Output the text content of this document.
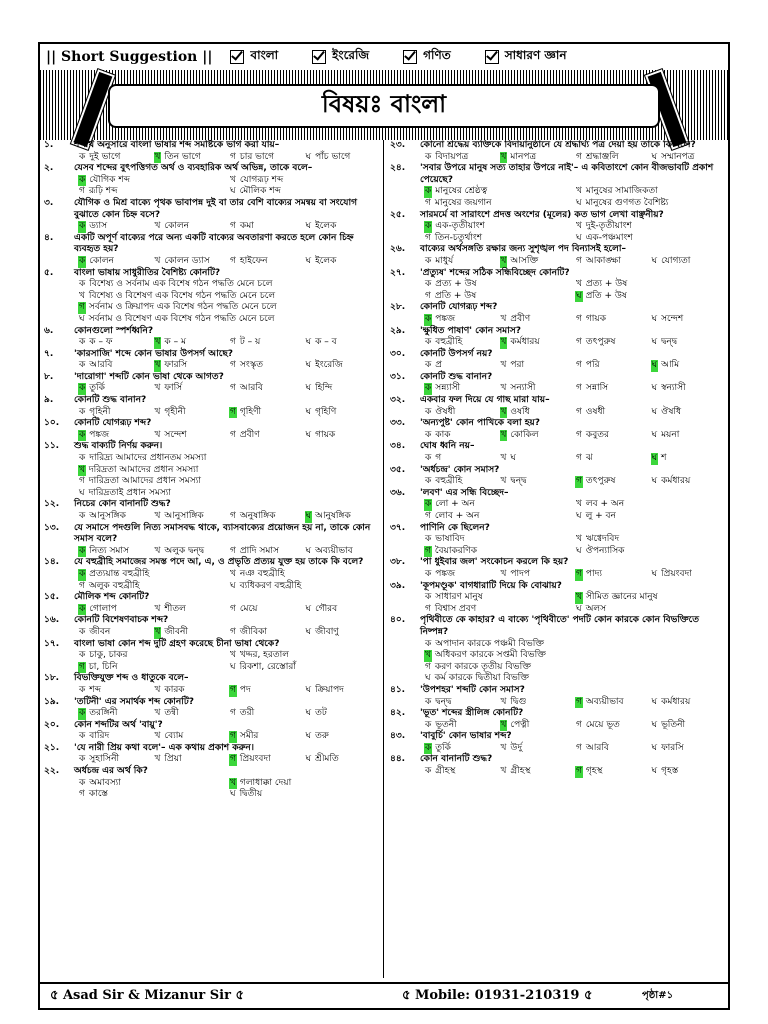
|| Short Suggestion ||	বাংলা	ইংরেজি	গণিত	সাধারণ জ্ঞান
বিষয়ঃ বাংলা
১.	শব্দার্থ অনুসারে বাংলা ভাষার শব্দ সমষ্টিকে ভাগ করা যায়–
ক দুই ভাগে	খ তিন ভাগে	গ চার ভাগে	ঘ পাঁচ ভাগে
২.	যেসব শব্দের বুৎপত্তিগত অর্থ ও ব্যবহারিক অর্থ অভিন্ন, তাকে বলে–
ক যৌগিক শব্দ	খ যোগরূঢ় শব্দ
গ রূঢ়ি শব্দ	ঘ মৌলিক শব্দ
৩.	যৌগিক ও মিশ্র বাক্যে পৃথক ভাবাপন্ন দুই বা তার বেশি বাক্যের সমন্বয় বা সংযোগ বুঝাতে কোন চিহ্ন বসে?
ক ড্যাস	খ কোলন	গ কমা	ঘ ইলেক
৪.	একটি অপূর্ণ বাক্যের পরে অন্য একটি বাক্যের অবতারণা করতে হলে কোন চিহ্ন ব্যবহৃত হয়?
ক কোলন	খ কোলন ড্যাস	গ হাইফেন	ঘ ইলেক
৫.	বাংলা ভাষায় সাধুরীতির বৈশিষ্ট্য কোনটি?
ক বিশেষ্য ও সর্বনাম এক বিশেষ গঠন পদ্ধতি মেনে চলে
খ বিশেষ্য ও বিশেষণ এক বিশেষ গঠন পদ্ধতি মেনে চলে
গ সর্বনাম ও ক্রিয়াপদ এক বিশেষ গঠন পদ্ধতি মেনে চলে
ঘ সর্বনাম ও বিশেষণ এক বিশেষ গঠন পদ্ধতি মেনে চলে
৬.	কোনগুলো স্পর্শধ্বনি?
ক ক – ফ	খ ক – ম	গ ট – য়	ঘ ক – ব
৭.	'কারসাজি' শব্দে কোন ভাষার উপসর্গ আছে?
ক আরবি	খ ফারসি	গ সংস্কৃত	ঘ ইংরেজি
৮.	'দারোগা' শব্দটি কোন ভাষা থেকে আগত?
ক তুর্কি	খ ফার্সি	গ আরবি	ঘ হিন্দি
৯.	কোনটি শুদ্ধ বানান?
ক গৃহিনী	খ গৃহীনী	গ গৃহিণী	ঘ গৃহিণি
১০.	কোনটি যোগরূঢ় শব্দ?
ক পঙ্কজ	খ সন্দেশ	গ প্রবীণ	ঘ গায়ক
১১.	শুদ্ধ বাক্যটি নির্ণয় করুন।
ক দারিদ্র্য আমাদের প্রধানতম সমস্যা
খ দরিদ্রতা আমাদের প্রধান সমস্যা
গ দারিদ্রতা আমাদের প্রধান সমস্যা
ঘ দারিদ্রতাই প্রধান সমস্যা
১২.	নিচের কোন বানানটি শুদ্ধ?
ক আনুসঙ্গিক	খ আনুসাঙ্গিক	গ অনুষাঙ্গিক	ঘ আনুষঙ্গিক
১৩.	যে সমাসে পদগুলি নিত্য সমাসবদ্ধ থাকে, ব্যাসবাক্যের প্রয়োজন হয় না, তাকে কোন সমাস বলে?
ক নিত্য সমাস	খ অলুক দ্বন্দ্ব	গ প্রাদি সমাস	ঘ অব্যয়ীভাব
১৪.	যে বহুব্রীহি সমাজের সমস্ত পদে আ, এ, ও প্রভৃতি প্রত্যয় যুক্ত হয় তাকে কি বলে?
ক প্রত্যয়ান্ত বহুব্রীহি	খ নঞ বহুব্রীহি
গ অলুক বহুব্রীহি	ঘ ব্যধিকরণ বহুব্রীহি
১৫.	মৌলিক শব্দ কোনটি?
ক গোলাপ	খ শীতল	গ মেয়ে	ঘ গৌরব
১৬.	কোনটি বিশেষণবাচক শব্দ?
ক জীবন	খ জীবনী	গ জীবিকা	ঘ জীবাণু
১৭.	বাংলা ভাষা কোন শব্দ দুটি গ্রহণ করেছে চীনা ভাষা থেকে?
ক চাকু, চাকর	খ খদ্দর, হরতাল
গ চা, চিনি	ঘ রিকশা, রেস্তোরাঁ
১৮.	বিভক্তিযুক্ত শব্দ ও ধাতুকে বলে–
ক শব্দ	খ কারক	গ পদ	ঘ ক্রিয়াপদ
১৯.	'তটিনী' এর সমার্থক শব্দ কোনটি?
ক তরঙ্গিনী	খ তন্বী	গ তরী	ঘ তট
২০.	কোন শব্দটির অর্থ 'বায়ু'?
ক বারিদ	খ ব্যোম	গ সমীর	ঘ তরু
২১.	'যে নারী প্রিয় কথা বলে'– এক কথায় প্রকাশ করুন।
ক সুহাসিনী	খ প্রিয়া	গ প্রিয়ংবদা	ঘ শ্রীমতি
২২.	অর্ধচন্দ্র এর অর্থ কি?
ক অমাবস্যা	খ গলাধাক্কা দেয়া
গ কাস্তে	ঘ দ্বিতীয়
২৩.	কোনো শ্রদ্ধেয় ব্যক্তিকে বিদায়ানুষ্ঠানে যে শ্রদ্ধার্ঘ্য পত্র দেয়া হয় তাকে কি বলে?
ক বিদায়পত্র	খ মানপত্র	গ শ্রদ্ধাঞ্জলি	ঘ সম্মানপত্র
২৪.	'সবার উপরে মানুষ সত্য তাহার উপরে নাই'– এ কবিতাংশে কোন বীজভাবটি প্রকাশ পেয়েছে?
ক মানুষের শ্রেষ্ঠত্ব	খ মানুষের সামাজিকতা
গ মানুষের জয়গান	ঘ মানুষের গুণগত বৈশিষ্ট্য
২৫.	সারমর্মে বা সারাংশে প্রদত্ত অংশের (মূলের) কত ভাগ লেখা বাঞ্ছনীয়?
ক এক-তৃতীয়াংশ	খ দুই-তৃতীয়াংশ
গ তিন-চতুর্থাংশ	ঘ এক-পঞ্চমাংশ
২৬.	বাক্যের অর্থসঙ্গতি রক্ষার জন্য সুশৃঙ্খল পদ বিন্যাসই হলো–
ক মাধুর্য	খ আসক্তি	গ আকাঙ্ক্ষা	ঘ যোগ্যতা
২৭.	'প্রত্যুষ' শব্দের সঠিক সন্ধিবিচ্ছেদ কোনটি?
ক প্রত্য + উষ	খ প্রত্য + উষ
গ প্রতি + উষ	ঘ প্রতি + উষ
২৮.	কোনটি যোগরূঢ় শব্দ?
ক পঙ্কজ	খ প্রবীণ	গ গায়ক	ঘ সন্দেশ
২৯.	'ক্ষুধিত পাষাণ' কোন সমাস?
ক বহুব্রীহি	খ কর্মধারয়	গ তৎপুরুষ	ঘ দ্বন্দ্ব
৩০.	কোনটি উপসর্গ নয়?
ক প্র	খ পরা	গ পরি	ঘ আমি
৩১.	কোনটি শুদ্ধ বানান?
ক সন্ন্যাসী	খ সন্যাসী	গ সন্নাসি	ঘ স্বন্যাসী
৩২.	একবার ফল দিয়ে যে গাছ মারা যায়–
ক ঔষধী	খ ওষধি	গ ওষধী	ঘ ঔষধি
৩৩.	'অন্যপুষ্ট' কোন পাখিকে বলা হয়?
ক কাক	খ কোকিল	গ কবুতর	ঘ ময়না
৩৪.	ঘোষ ধ্বনি নয়–
ক গ	খ ঘ	গ ঝ	ঘ শ
৩৫.	'অর্ধচন্দ্র' কোন সমাস?
ক বহুব্রীহি	খ দ্বন্দ্ব	গ তৎপুরুষ	ঘ কর্মধারয়
৩৬.	'লবণ' এর সন্ধি বিচ্ছেদ–
ক লো + অন	খ লব + অন
গ লোব + অন	ঘ লু + বন
৩৭.	পাণিনি কে ছিলেন?
ক ভাষাবিদ	খ ঋগ্বেদবিদ
গ বৈয়াকরণিক	ঘ ঔপন্যাসিক
৩৮.	'পা ধুইবার জল' সংকোচন করলে কি হয়?
ক পঙ্কজ	খ পাদপ	গ পাদ্য	ঘ প্রিয়ংবদা
৩৯.	'কূপমণ্ডূক' বাগধারাটি দিয়ে কি বোঝায়?
ক সাধারণ মানুষ	খ সীমিত জ্ঞানের মানুষ
গ বিশ্বাস প্রবণ	ঘ অলস
৪০.	পৃথিবীতে কে কাহার? এ বাক্যে 'পৃথিবীতে' পদটি কোন কারকে কোন বিভক্তিতে নিষ্পন্ন?
ক অপাদান কারকে পঞ্চমী বিভক্তি
খ অধিকরণ কারকে সপ্তমী বিভক্তি
গ করণ কারকে তৃতীয় বিভক্তি
ঘ কর্ম কারকে দ্বিতীয়া বিভক্তি
৪১.	'উপশহর' শব্দটি কোন সমাস?
ক দ্বন্দ্ব	খ দ্বিগু	গ অব্যয়ীভাব	ঘ কর্মধারয়
৪২.	'ভূত' শব্দের স্ত্রীলিঙ্গ কোনটি?
ক ভূতনী	খ পেত্নী	গ মেয়ে ভূত	ঘ ভূতিনী
৪৩.	'বাবুর্চি' কোন ভাষার শব্দ?
ক তুর্কি	খ উর্দু	গ আরবি	ঘ ফারসি
৪৪.	কোন বানানটি শুদ্ধ?
ক গ্রীহস্থ	খ গ্রীহস্থ	গ গৃহস্থ	ঘ গৃহস্ত
৫ Asad Sir & Mizanur Sir ৫	৫ Mobile: 01931-210319 ৫	পৃষ্ঠা#১
